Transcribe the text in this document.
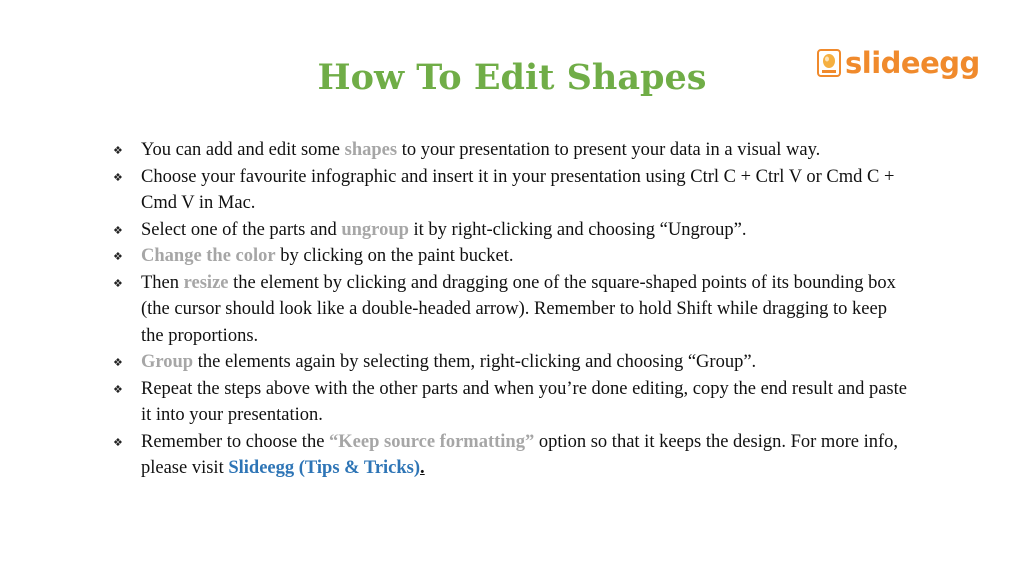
How To Edit Shapes	slideegg
❖ You can add and edit some shapes to your presentation to present your data in a visual way.
❖ Choose your favourite infographic and insert it in your presentation using Ctrl C + Ctrl V or Cmd C + Cmd V in Mac.
❖ Select one of the parts and ungroup it by right-clicking and choosing “Ungroup”.
❖ Change the color by clicking on the paint bucket.
❖ Then resize the element by clicking and dragging one of the square-shaped points of its bounding box (the cursor should look like a double-headed arrow). Remember to hold Shift while dragging to keep the proportions.
❖ Group the elements again by selecting them, right-clicking and choosing “Group”.
❖ Repeat the steps above with the other parts and when you’re done editing, copy the end result and paste it into your presentation.
❖ Remember to choose the “Keep source formatting” option so that it keeps the design. For more info, please visit Slideegg (Tips & Tricks).
